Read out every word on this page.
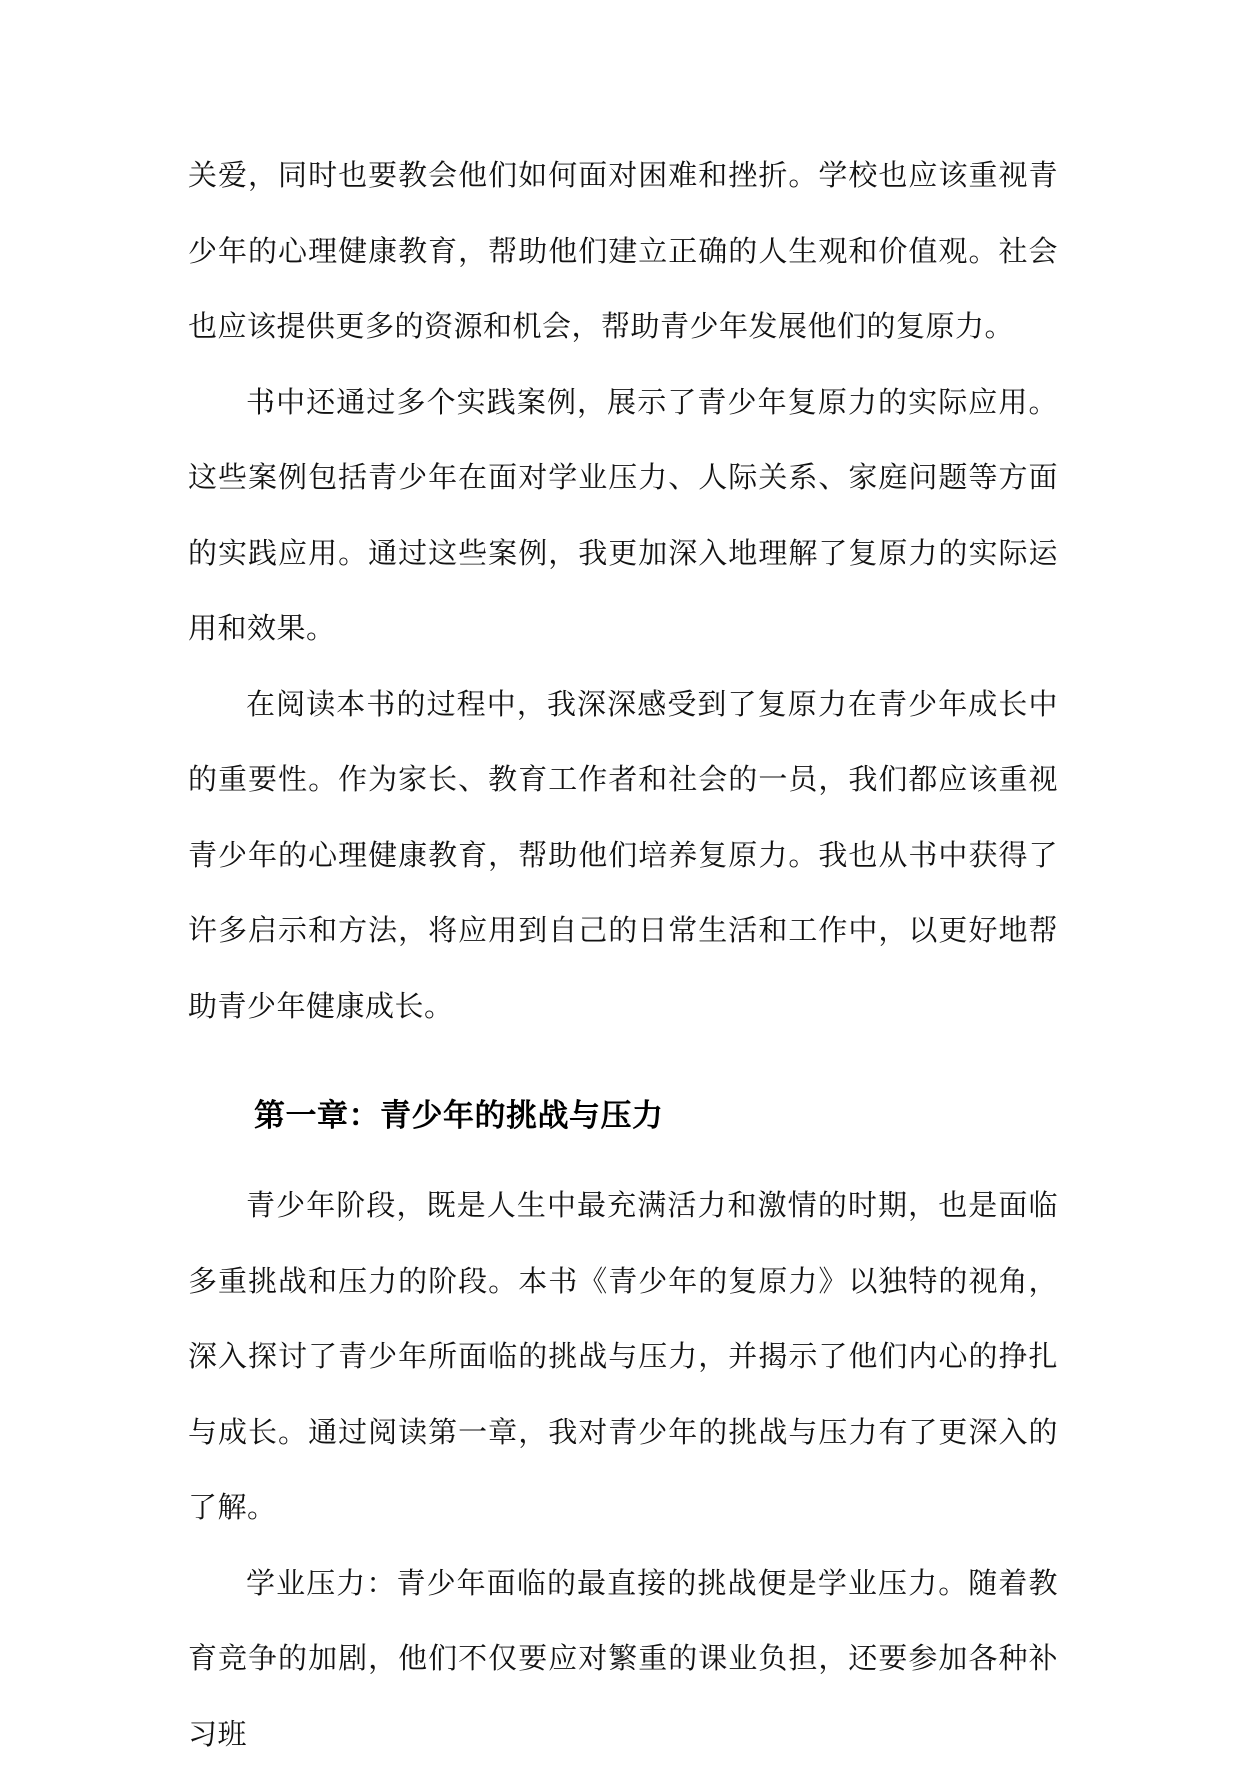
关爱，同时也要教会他们如何面对困难和挫折。学校也应该重视青少年的心理健康教育，帮助他们建立正确的人生观和价值观。社会也应该提供更多的资源和机会，帮助青少年发展他们的复原力。

书中还通过多个实践案例，展示了青少年复原力的实际应用。这些案例包括青少年在面对学业压力、人际关系、家庭问题等方面的实践应用。通过这些案例，我更加深入地理解了复原力的实际运用和效果。

在阅读本书的过程中，我深深感受到了复原力在青少年成长中的重要性。作为家长、教育工作者和社会的一员，我们都应该重视青少年的心理健康教育，帮助他们培养复原力。我也从书中获得了许多启示和方法，将应用到自己的日常生活和工作中，以更好地帮助青少年健康成长。

第一章：青少年的挑战与压力

青少年阶段，既是人生中最充满活力和激情的时期，也是面临多重挑战和压力的阶段。本书《青少年的复原力》以独特的视角，深入探讨了青少年所面临的挑战与压力，并揭示了他们内心的挣扎与成长。通过阅读第一章，我对青少年的挑战与压力有了更深入的了解。

学业压力：青少年面临的最直接的挑战便是学业压力。随着教育竞争的加剧，他们不仅要应对繁重的课业负担，还要参加各种补习班
